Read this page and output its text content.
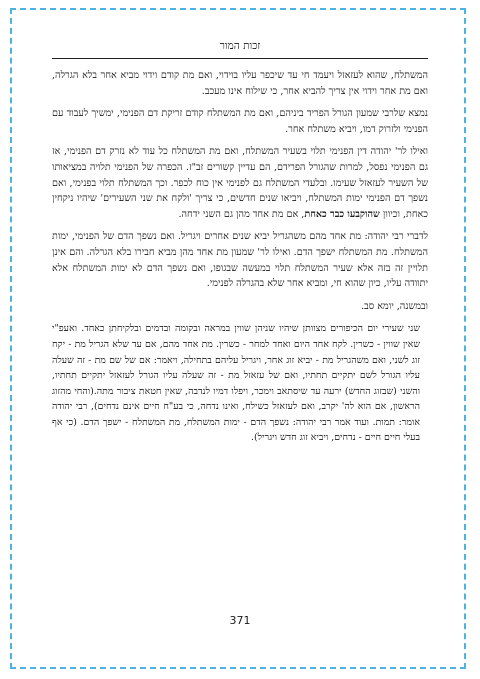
זכות המור

המשתלח, שהוא לעזאזל ויעמד חי עד שיכפר עליו בוידוי, ואם מת קודם וידוי מביא אחר בלא הגרלה, ואם מת אחר וידוי אין צריך להביא אחר, כי שילוח אינו מעכב.

נמצא שלרבי שמעון הגורל הפריד ביניהם, ואם מת המשתלח קודם זריקת דם הפנימי, ימשיך לעבוד עם הפנימי ולזרוק דמו, ויביא משתלח אחר.

ואילו לר' יהודה דין הפנימי תלוי בשעיר המשתלח, ואם מת המשתלח כל עוד לא נזרק דם הפנימי, אז גם הפנימי נפסל, למרות שהגורל הפרידם, הם עדיין קשורים זב"ז. הכפרה של הפנימי תלויה במציאותו של השעיר לעזאזל שעימו. ובלעדי המשתלח גם לפנימי אין כוח לכפר. וכך המשתלח תלוי בפנימי, ואם נשפך דם הפנימי ימות המשתלח, ויביאו שנים חדשים, כי צריך 'ולקח את שני השעירים' שיהיו ניקחין כאחת, וכיוון שהוקבעו כבר כאחת, אם מת אחד מהן גם השני ידחה.

לדברי רבי יהודה: מת אחד מהם משהגריל יביא שנים אחרים ויגריל. ואם נשפך הדם של הפנימי, ימות המשתלח. מת המשתלח ישפך הדם. ואילו לר' שמעון מת אחד מהן מביא חבירו בלא הגרלה. והם אינן תלויין זה בזה אלא שעיר המשתלח תלוי במעשה שבגופו, ואם נשפך הדם לא ימות המשתלח אלא יתוודה עליו, כיון שהוא חי, ומביא אחר שלא בהגרלה לפנימי.

ובמשנה, יומא סב.

שני שעירי יום הכיפורים מצוותן שיהיו שניהן שווין במראה ובקומה ובדמים ובלקיחתן כאחד. ואעפ"י שאין שווין - כשרין. לקח אחד היום ואחד למחר - כשרין. מת אחד מהם, אם עד שלא הגריל מת - יקח זוג לשני, ואם משהגריל מת - יביא זוג אחר, ויגריל עליהם בתחילה, ויאמר: אם של שם מת - זה שעלה עליו הגורל לשם יתקיים תחתיו, ואם של עזאזל מת - זה שעלה עליו הגורל לעזאזל יתקיים תחתיו, והשני (שבזוג החדש) ירעה עד שיסתאב וימכר, ויפלו דמיו לנדבה, שאין חטאת ציבור מתה.(והחי מהזוג הראשון, אם הוא לה' יקרב, ואם לעזאזל כשילח, ואינו נדחה, כי בע"ח חיים אינם נדחים), רבי יהודה אומר: תמות. ועוד אמר רבי יהודה: נשפך הדם - ימות המשתלח, מת המשתלח - ישפך הדם. (כי אף בעלי חיים חיים - נדחים, ויביא זוג חדש ויגריל).

371
